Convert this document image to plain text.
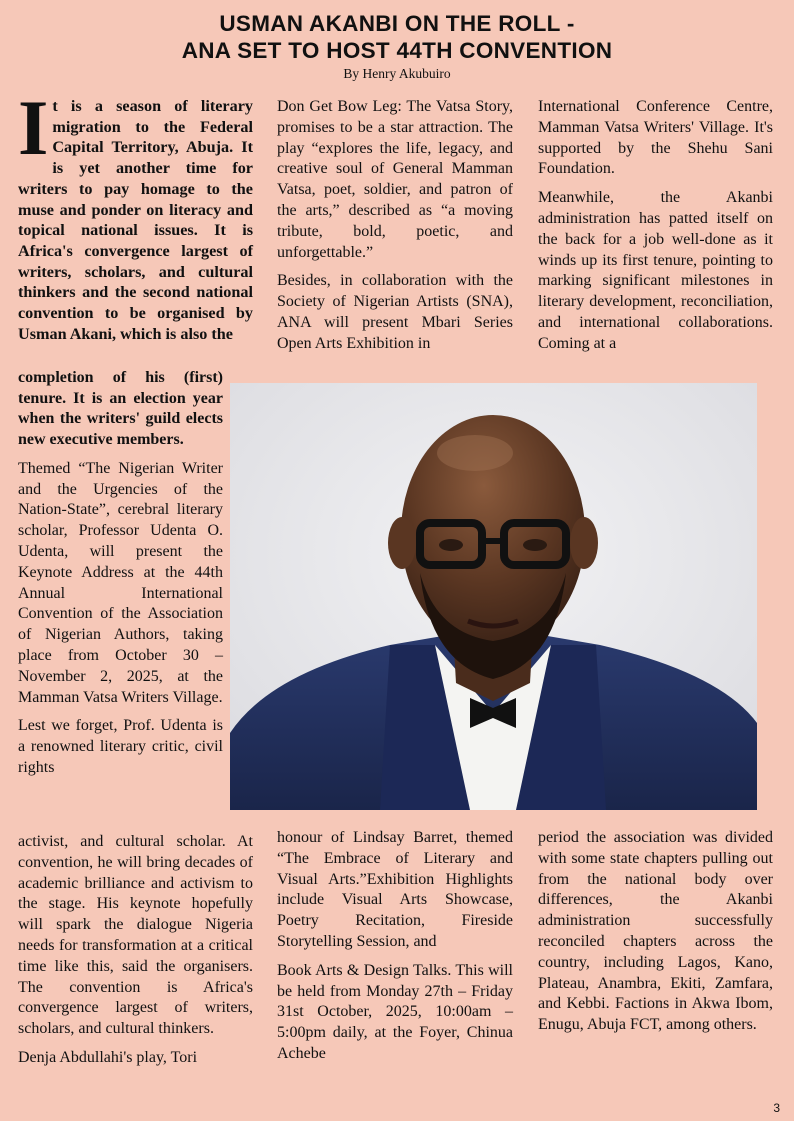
USMAN AKANBI ON THE ROLL -
ANA SET TO HOST 44TH CONVENTION
By Henry Akubuiro

It is a season of literary migration to the Federal Capital Territory, Abuja. It is yet another time for writers to pay homage to the muse and ponder on literacy and topical national issues. It is Africa's convergence largest of writers, scholars, and cultural thinkers and the second national convention to be organised by Usman Akani, which is also the

completion of his (first) tenure. It is an election year when the writers' guild elects new executive members.

Themed “The Nigerian Writer and the Urgencies of the Nation-State”, cerebral literary scholar, Professor Udenta O. Udenta, will present the Keynote Address at the 44th Annual International Convention of the Association of Nigerian Authors, taking place from October 30 – November 2, 2025, at the Mamman Vatsa Writers Village.

Lest we forget, Prof. Udenta is a renowned literary critic, civil rights

activist, and cultural scholar. At convention, he will bring decades of academic brilliance and activism to the stage. His keynote hopefully will spark the dialogue Nigeria needs for transformation at a critical time like this, said the organisers. The convention is Africa's convergence largest of writers, scholars, and cultural thinkers.

Denja Abdullahi's play, Tori

Don Get Bow Leg: The Vatsa Story, promises to be a star attraction. The play “explores the life, legacy, and creative soul of General Mamman Vatsa, poet, soldier, and patron of the arts,” described as “a moving tribute, bold, poetic, and unforgettable.”

Besides, in collaboration with the Society of Nigerian Artists (SNA), ANA will present Mbari Series Open Arts Exhibition in

honour of Lindsay Barret, themed “The Embrace of Literary and Visual Arts.”Exhibition Highlights include Visual Arts Showcase, Poetry Recitation, Fireside Storytelling Session, and

Book Arts & Design Talks. This will be held from Monday 27th – Friday 31st October, 2025, 10:00am – 5:00pm daily, at the Foyer, Chinua Achebe

International Conference Centre, Mamman Vatsa Writers' Village. It's supported by the Shehu Sani Foundation.

Meanwhile, the Akanbi administration has patted itself on the back for a job well-done as it winds up its first tenure, pointing to marking significant milestones in literary development, reconciliation, and international collaborations. Coming at a

period the association was divided with some state chapters pulling out from the national body over differences, the Akanbi administration successfully reconciled chapters across the country, including Lagos, Kano, Plateau, Anambra, Ekiti, Zamfara, and Kebbi. Factions in Akwa Ibom, Enugu, Abuja FCT, among others.

3
